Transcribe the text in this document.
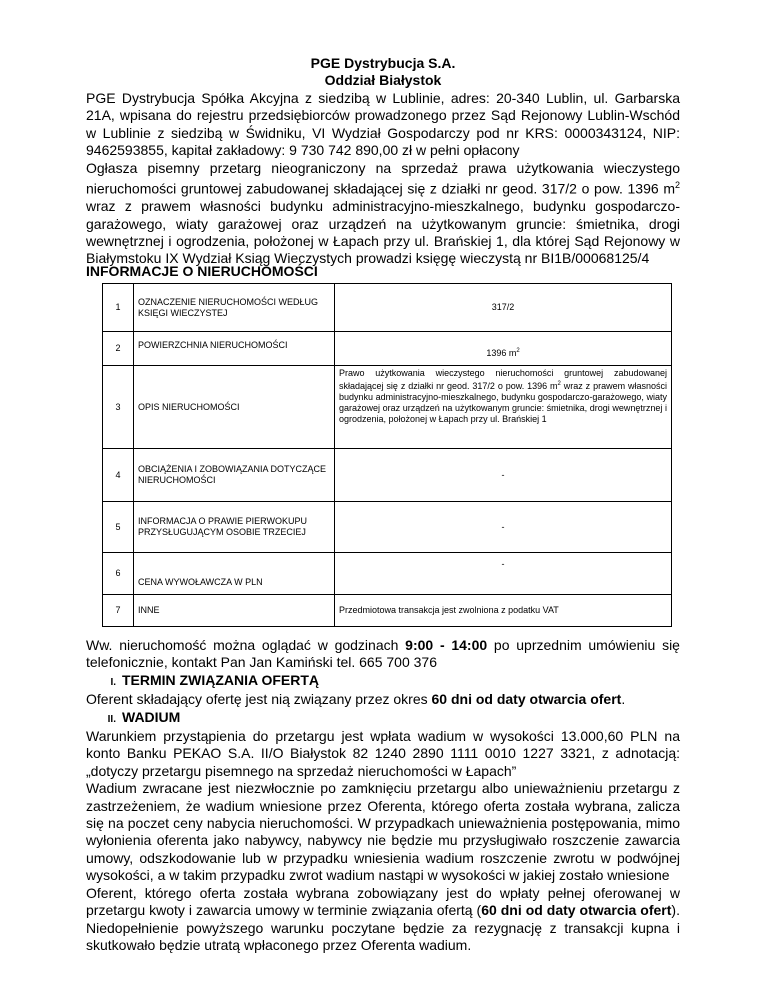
PGE Dystrybucja S.A.

Oddział Białystok

PGE Dystrybucja Spółka Akcyjna z siedzibą w Lublinie, adres: 20-340 Lublin, ul. Garbarska 21A, wpisana do rejestru przedsiębiorców prowadzonego przez Sąd Rejonowy Lublin-Wschód w Lublinie z siedzibą w Świdniku, VI Wydział Gospodarczy pod nr KRS: 0000343124, NIP: 9462593855, kapitał zakładowy: 9 730 742 890,00 zł w pełni opłacony

Ogłasza pisemny przetarg nieograniczony na sprzedaż prawa użytkowania wieczystego nieruchomości gruntowej zabudowanej składającej się z działki nr geod. 317/2 o pow. 1396 $m^2$ wraz z prawem własności budynku administracyjno-mieszkalnego, budynku gospodarczo-garażowego, wiaty garażowej oraz urządzeń na użytkowanym gruncie: śmietnika, drogi wewnętrznej i ogrodzenia, położonej w Łapach przy ul. Brańskiej 1, dla której Sąd Rejonowy w Białymstoku IX Wydział Ksiąg Wieczystych prowadzi księgę wieczystą nr BI1B/00068125/4

INFORMACJE O NIERUCHOMOŚCI

1	OZNACZENIE NIERUCHOMOŚCI WEDŁUG KSIĘGI WIECZYSTEJ	317/2
2	POWIERZCHNIA NIERUCHOMOŚCI	1396 $m^2$
3	OPIS NIERUCHOMOŚCI	Prawo użytkowania wieczystego nieruchomości gruntowej zabudowanej składającej się z działki nr geod. 317/2 o pow. 1396 $m^2$ wraz z prawem własności budynku administracyjno-mieszkalnego, budynku gospodarczo-garażowego, wiaty garażowej oraz urządzeń na użytkowanym gruncie: śmietnika, drogi wewnętrznej i ogrodzenia, położonej w Łapach przy ul. Brańskiej 1
4	OBCIĄŻENIA I ZOBOWIĄZANIA DOTYCZĄCE NIERUCHOMOŚCI	-
5	INFORMACJA O PRAWIE PIERWOKUPU PRZYSŁUGUJĄCYM OSOBIE TRZECIEJ	-
6	CENA WYWOŁAWCZA W PLN	-
7	INNE	Przedmiotowa transakcja jest zwolniona z podatku VAT

Ww. nieruchomość można oglądać w godzinach 9:00 - 14:00 po uprzednim umówieniu się telefonicznie, kontakt Pan Jan Kamiński tel. 665 700 376

I. TERMIN ZWIĄZANIA OFERTĄ

Oferent składający ofertę jest nią związany przez okres 60 dni od daty otwarcia ofert.

II. WADIUM

Warunkiem przystąpienia do przetargu jest wpłata wadium w wysokości 13.000,60 PLN na konto Banku PEKAO S.A. II/O Białystok 82 1240 2890 1111 0010 1227 3321, z adnotacją: „dotyczy przetargu pisemnego na sprzedaż nieruchomości w Łapach”

Wadium zwracane jest niezwłocznie po zamknięciu przetargu albo unieważnieniu przetargu z zastrzeżeniem, że wadium wniesione przez Oferenta, którego oferta została wybrana, zalicza się na poczet ceny nabycia nieruchomości. W przypadkach unieważnienia postępowania, mimo wyłonienia oferenta jako nabywcy, nabywcy nie będzie mu przysługiwało roszczenie zawarcia umowy, odszkodowanie lub w przypadku wniesienia wadium roszczenie zwrotu w podwójnej wysokości, a w takim przypadku zwrot wadium nastąpi w wysokości w jakiej zostało wniesione

Oferent, którego oferta została wybrana zobowiązany jest do wpłaty pełnej oferowanej w przetargu kwoty i zawarcia umowy w terminie związania ofertą (60 dni od daty otwarcia ofert). Niedopełnienie powyższego warunku poczytane będzie za rezygnację z transakcji kupna i skutkowało będzie utratą wpłaconego przez Oferenta wadium.
